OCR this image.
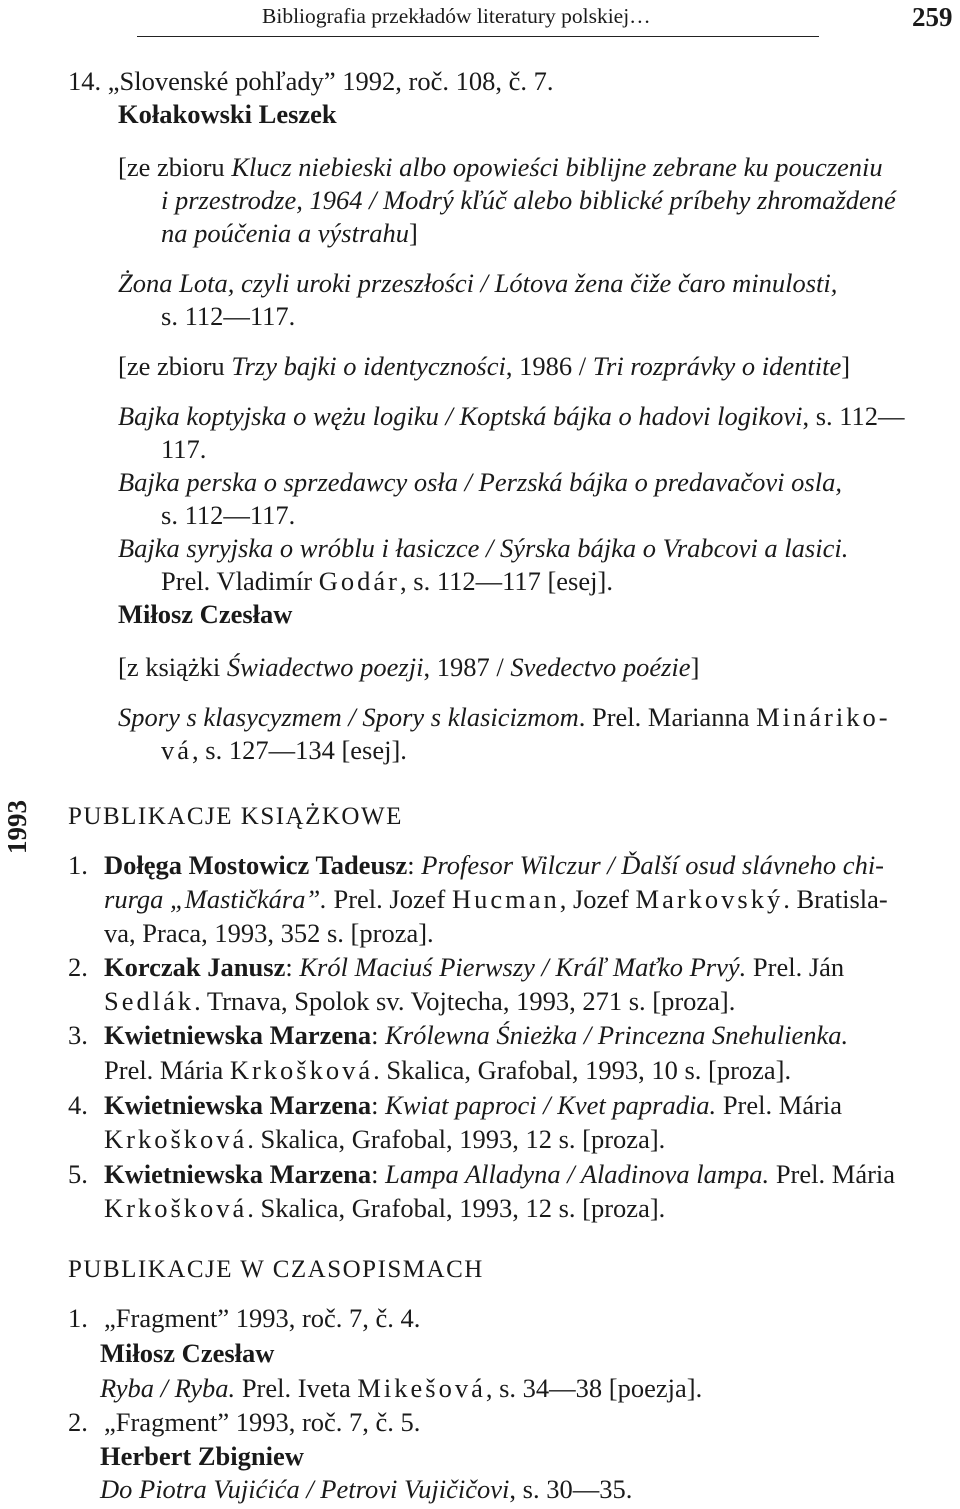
Bibliografia przekładów literatury polskiej…	259
1993
14. „Slovenské pohľady” 1992, roč. 108, č. 7.
Kołakowski Leszek
[ze zbioru Klucz niebieski albo opowieści biblijne zebrane ku pouczeniu
i przestrodze, 1964 / Modrý kľúč alebo biblické príbehy zhromaždené
na poúčenia a výstrahu]
Żona Lota, czyli uroki przeszłości / Lótova žena čiže čaro minulosti,
s. 112—117.
[ze zbioru Trzy bajki o identyczności, 1986 / Tri rozprávky o identite]
Bajka koptyjska o wężu logiku / Koptská bájka o hadovi logikovi, s. 112—
117.
Bajka perska o sprzedawcy osła / Perzská bájka o predavačovi osla,
s. 112—117.
Bajka syryjska o wróblu i łasiczce / Sýrska bájka o Vrabcovi a lasici.
Prel. Vladimír Godár, s. 112—117 [esej].
Miłosz Czesław
[z książki Świadectwo poezji, 1987 / Svedectvo poézie]
Spory s klasycyzmem / Spory s klasicizmom. Prel. Marianna Mináriko-
vá, s. 127—134 [esej].
PUBLIKACJE KSIĄŻKOWE
1. Dołęga Mostowicz Tadeusz: Profesor Wilczur / Ďalší osud slávneho chi-
rurga „Mastičkára”. Prel. Jozef Hucman, Jozef Markovský. Bratisla-
va, Praca, 1993, 352 s. [proza].
2. Korczak Janusz: Król Maciuś Pierwszy / Kráľ Maťko Prvý. Prel. Ján
Sedlák. Trnava, Spolok sv. Vojtecha, 1993, 271 s. [proza].
3. Kwietniewska Marzena: Królewna Śnieżka / Princezna Snehulienka.
Prel. Mária Krkošková. Skalica, Grafobal, 1993, 10 s. [proza].
4. Kwietniewska Marzena: Kwiat paproci / Kvet papradia. Prel. Mária
Krkošková. Skalica, Grafobal, 1993, 12 s. [proza].
5. Kwietniewska Marzena: Lampa Alladyna / Aladinova lampa. Prel. Mária
Krkošková. Skalica, Grafobal, 1993, 12 s. [proza].
PUBLIKACJE W CZASOPISMACH
1. „Fragment” 1993, roč. 7, č. 4.
Miłosz Czesław
Ryba / Ryba. Prel. Iveta Mikešová, s. 34—38 [poezja].
2. „Fragment” 1993, roč. 7, č. 5.
Herbert Zbigniew
Do Piotra Vujićića / Petrovi Vujičičovi, s. 30—35.
